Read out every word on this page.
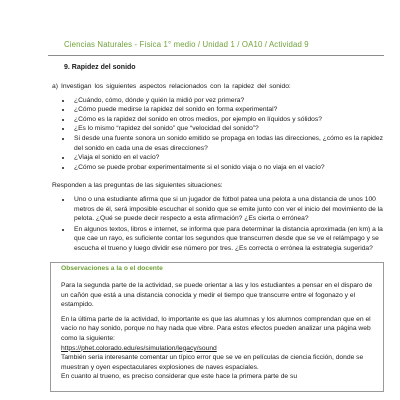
Ciencias Naturales - Física 1° medio / Unidad 1 / OA10 / Actividad 9
9. Rapidez del sonido

a) Investigan los siguientes aspectos relacionados con la rapidez del sonido:

• ¿Cuándo, cómo, dónde y quién la midió por vez primera?
• ¿Cómo puede medirse la rapidez del sonido en forma experimental?
• ¿Cómo es la rapidez del sonido en otros medios, por ejemplo en líquidos y sólidos?
• ¿Es lo mismo “rapidez del sonido” que “velocidad del sonido”?
• Si desde una fuente sonora un sonido emitido se propaga en todas las direcciones, ¿cómo es la rapidez del sonido en cada una de esas direcciones?
• ¿Viaja el sonido en el vacío?
• ¿Cómo se puede probar experimentalmente si el sonido viaja o no viaja en el vacío?

Responden a las preguntas de las siguientes situaciones:

• Uno o una estudiante afirma que si un jugador de fútbol patea una pelota a una distancia de unos 100 metros de él, será imposible escuchar el sonido que se emite junto con ver el inicio del movimiento de la pelota. ¿Qué se puede decir respecto a esta afirmación? ¿Es cierta o errónea?
• En algunos textos, libros e internet, se informa que para determinar la distancia aproximada (en km) a la que cae un rayo, es suficiente contar los segundos que transcurren desde que se ve el relámpago y se escucha el trueno y luego dividir ese número por tres. ¿Es correcta o errónea la estrategia sugerida?
Observaciones a la o el docente

Para la segunda parte de la actividad, se puede orientar a las y los estudiantes a pensar en el disparo de un cañón que está a una distancia conocida y medir el tiempo que transcurre entre el fogonazo y el estampido.

En la última parte de la actividad, lo importante es que las alumnas y los alumnos comprendan que en el vacío no hay sonido, porque no hay nada que vibre. Para estos efectos pueden analizar una página web como la siguiente:

https://phet.colorado.edu/es/simulation/legacy/sound
También sería interesante comentar un típico error que se ve en películas de ciencia ficción, donde se muestran y oyen espectaculares explosiones de naves espaciales.
En cuanto al trueno, es preciso considerar que este hace la primera parte de su
